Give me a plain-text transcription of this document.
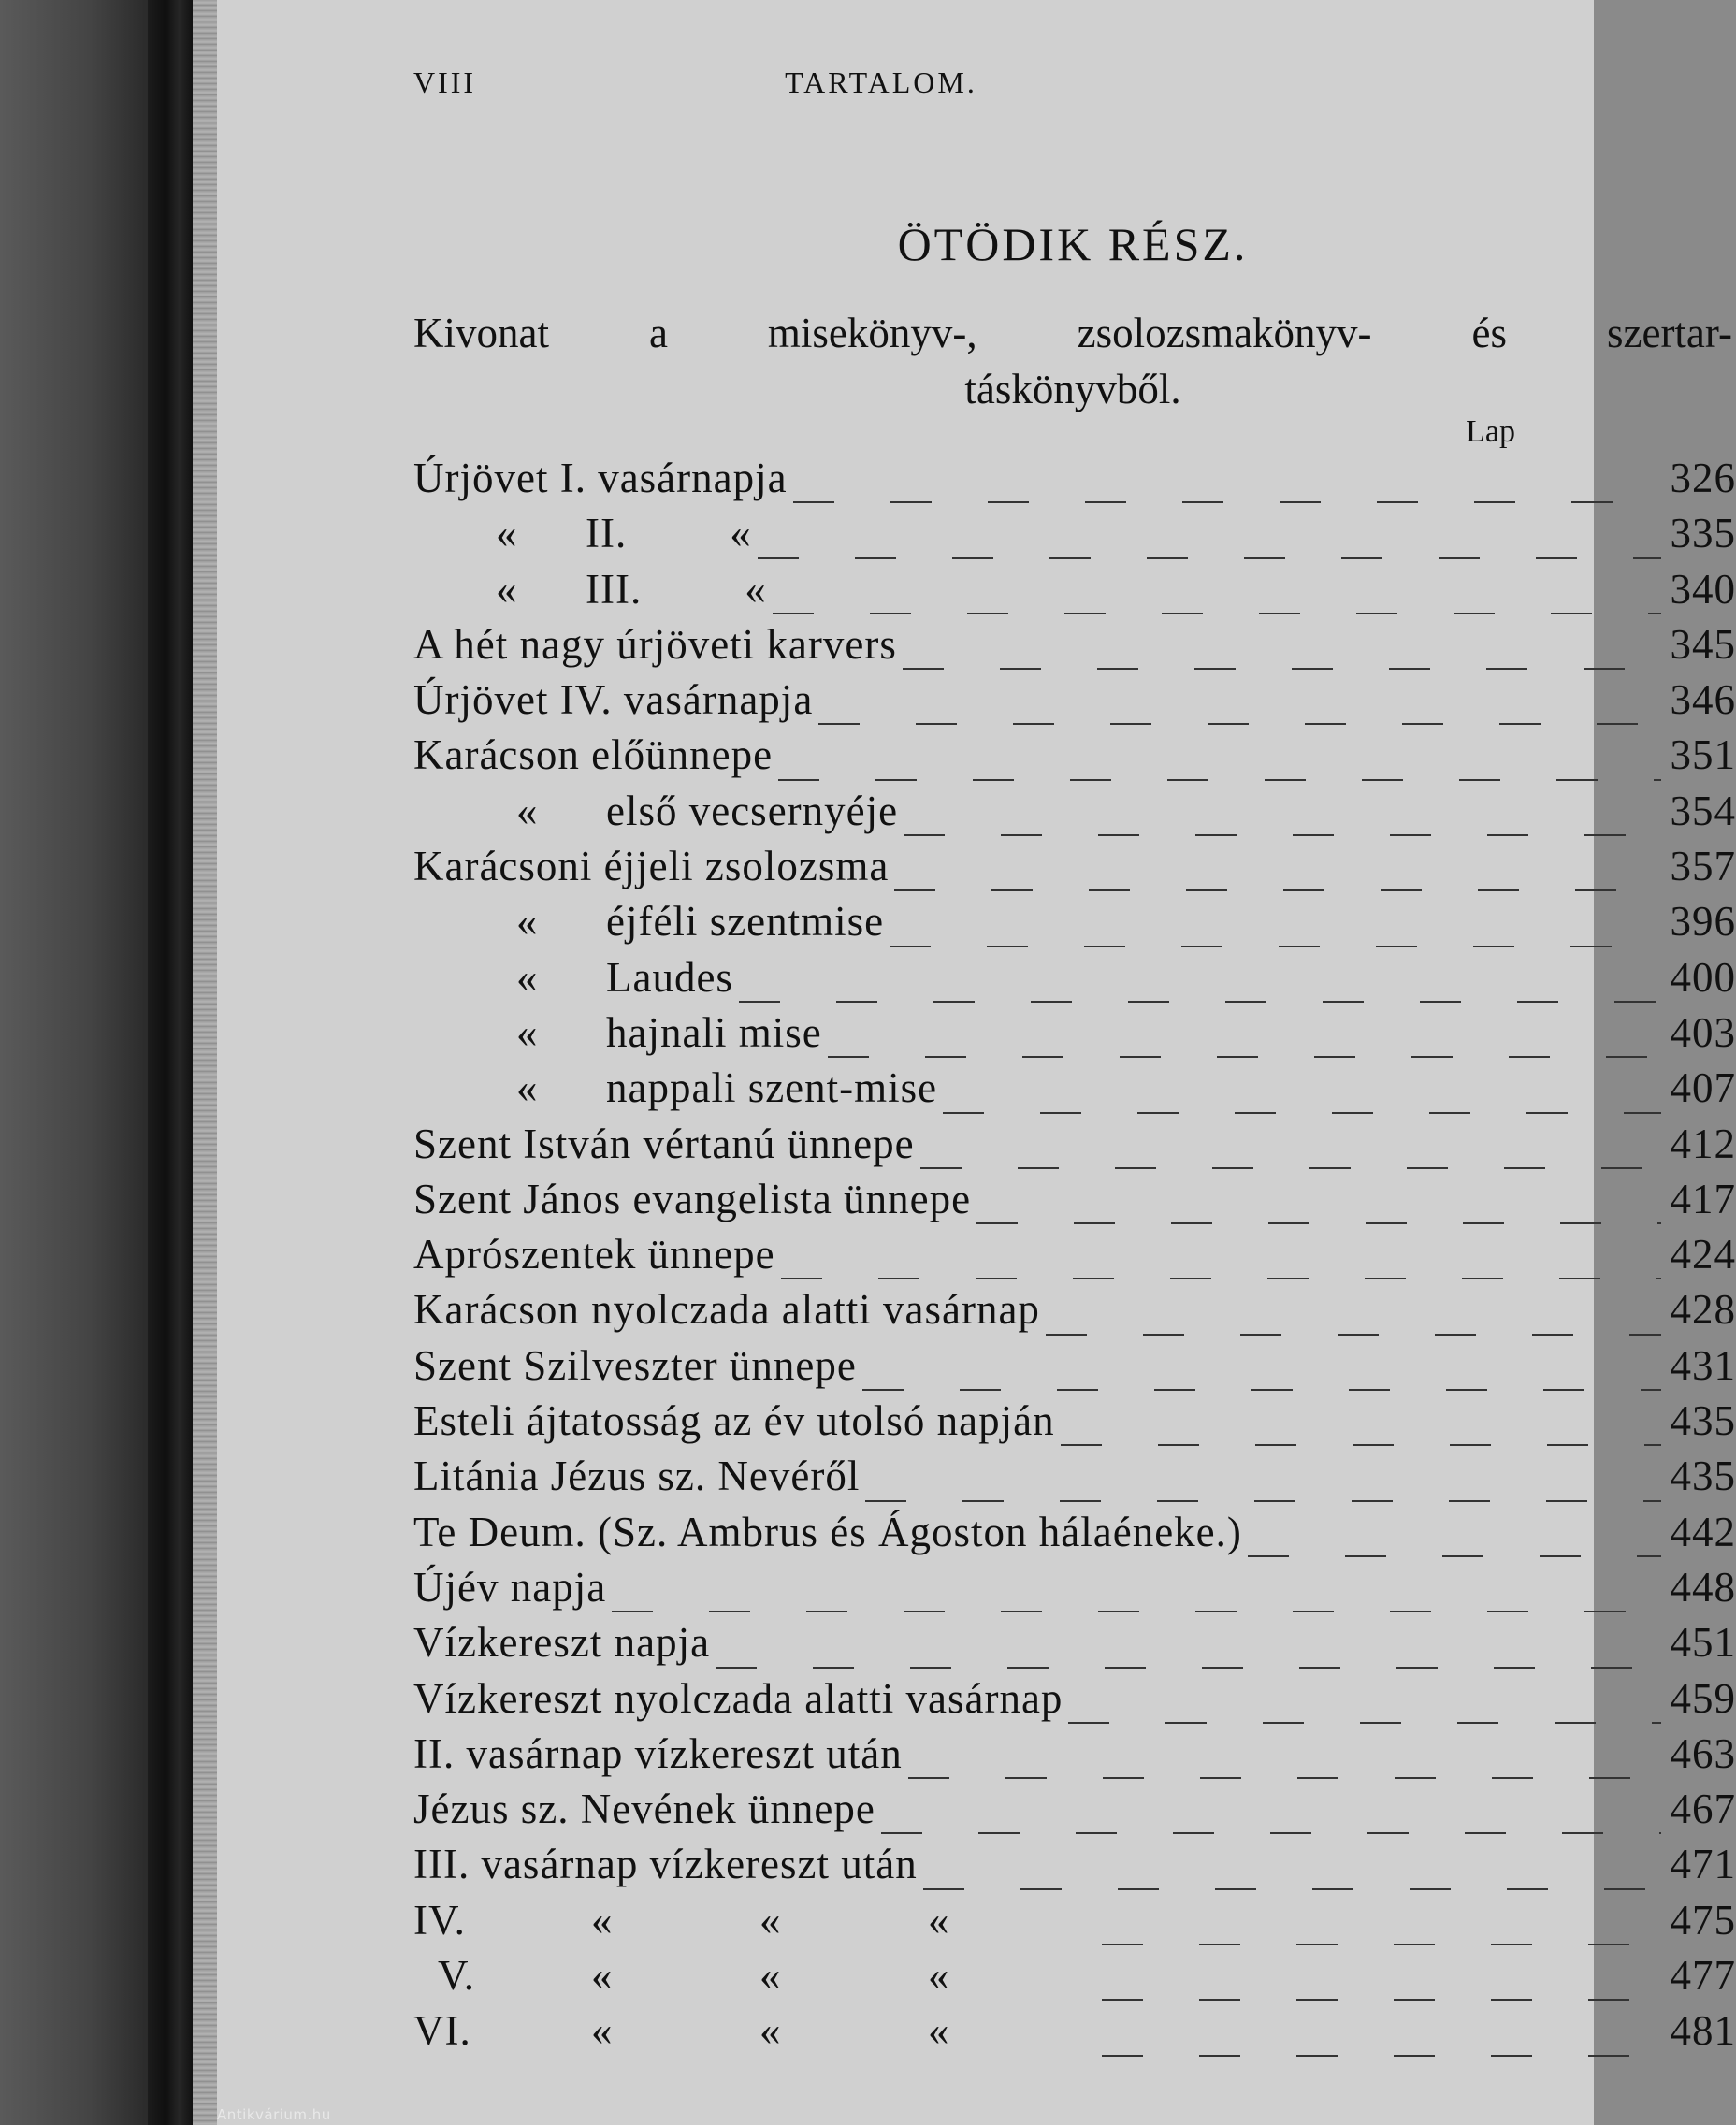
VIII	TARTALOM.
ÖTÖDIK RÉSZ.
Kivonat a misekönyv-, zsolozsmakönyv- és szertar-
táskönyvből.
Lap
Úrjövet I. vasárnapja	326
« II. «	335
« III. «	340
A hét nagy úrjöveti karvers	345
Úrjövet IV. vasárnapja	346
Karácson előünnepe	351
« első vecsernyéje	354
Karácsoni éjjeli zsolozsma	357
« éjféli szentmise	396
« Laudes	400
« hajnali mise	403
« nappali szent-mise	407
Szent István vértanú ünnepe	412
Szent János evangelista ünnepe	417
Aprószentek ünnepe	424
Karácson nyolczada alatti vasárnap	428
Szent Szilveszter ünnepe	431
Esteli ájtatosság az év utolsó napján	435
Litánia Jézus sz. Nevéről	435
Te Deum. (Sz. Ambrus és Ágoston hálaéneke.)	442
Újév napja	448
Vízkereszt napja	451
Vízkereszt nyolczada alatti vasárnap	459
II. vasárnap vízkereszt után	463
Jézus sz. Nevének ünnepe	467
III. vasárnap vízkereszt után	471
IV.	«	«	«	475
V.	«	«	«	477
VI.	«	«	«	481
Antikvárium.hu
